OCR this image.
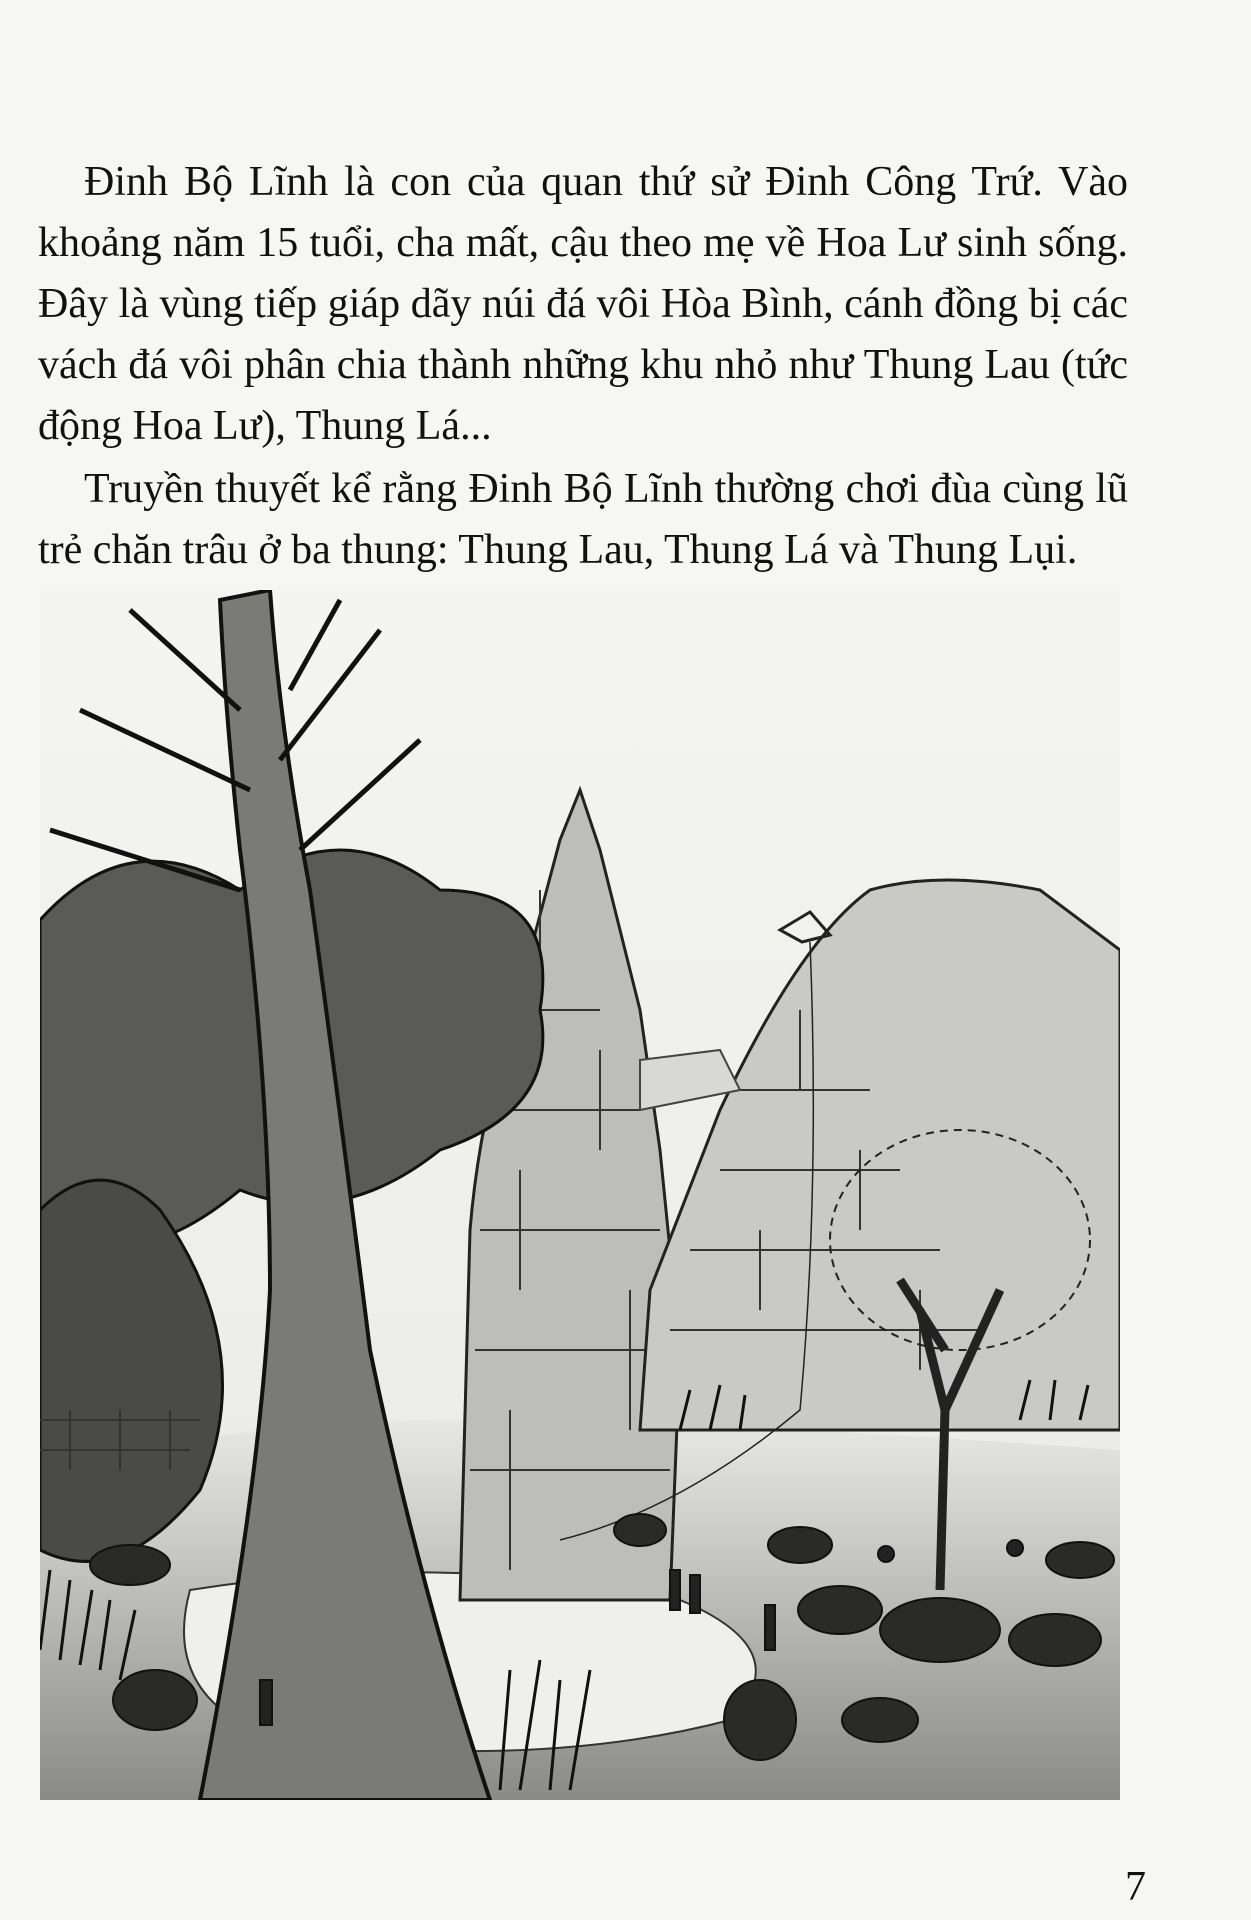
Đinh Bộ Lĩnh là con của quan thứ sử Đinh Công Trứ. Vào khoảng năm 15 tuổi, cha mất, cậu theo mẹ về Hoa Lư sinh sống. Đây là vùng tiếp giáp dãy núi đá vôi Hòa Bình, cánh đồng bị các vách đá vôi phân chia thành những khu nhỏ như Thung Lau (tức động Hoa Lư), Thung Lá...

Truyền thuyết kể rằng Đinh Bộ Lĩnh thường chơi đùa cùng lũ trẻ chăn trâu ở ba thung: Thung Lau, Thung Lá và Thung Lụi.

7
